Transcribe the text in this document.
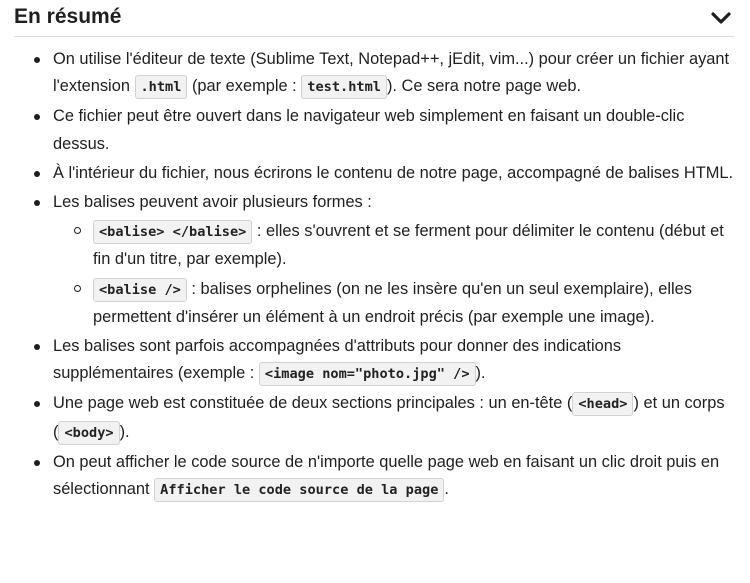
En résumé
On utilise l'éditeur de texte (Sublime Text, Notepad++, jEdit, vim...) pour créer un fichier ayant l'extension .html (par exemple : test.html ). Ce sera notre page web.
Ce fichier peut être ouvert dans le navigateur web simplement en faisant un double-clic dessus.
À l'intérieur du fichier, nous écrirons le contenu de notre page, accompagné de balises HTML.
Les balises peuvent avoir plusieurs formes :
<balise> </balise> : elles s'ouvrent et se ferment pour délimiter le contenu (début et fin d'un titre, par exemple).
<balise /> : balises orphelines (on ne les insère qu'en un seul exemplaire), elles permettent d'insérer un élément à un endroit précis (par exemple une image).
Les balises sont parfois accompagnées d'attributs pour donner des indications supplémentaires (exemple : <image nom="photo.jpg" /> ).
Une page web est constituée de deux sections principales : un en-tête ( <head> ) et un corps ( <body> ).
On peut afficher le code source de n'importe quelle page web en faisant un clic droit puis en sélectionnant Afficher le code source de la page .
